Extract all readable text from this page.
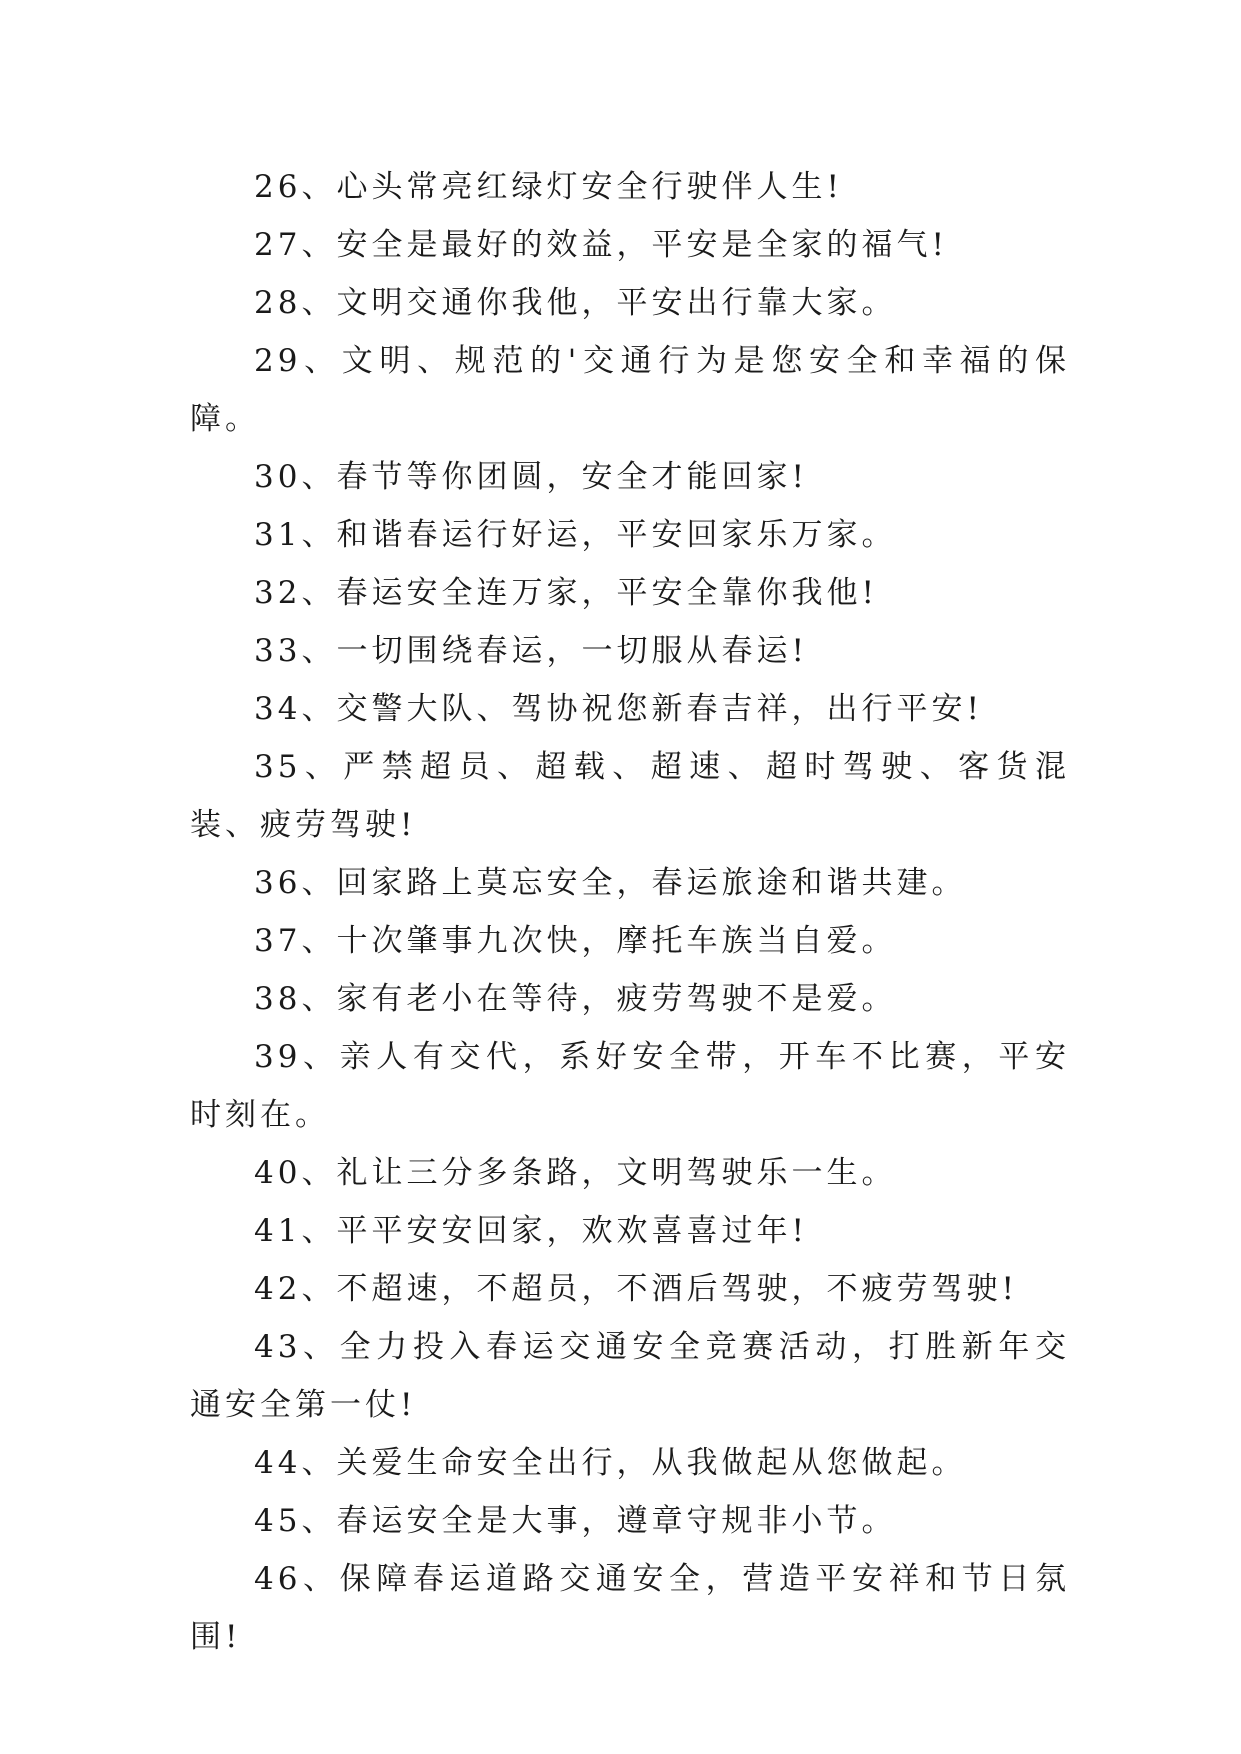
26、心头常亮红绿灯安全行驶伴人生!

27、安全是最好的效益，平安是全家的福气!

28、文明交通你我他，平安出行靠大家。

29、文明、规范的'交通行为是您安全和幸福的保障。

30、春节等你团圆，安全才能回家!

31、和谐春运行好运，平安回家乐万家。

32、春运安全连万家，平安全靠你我他!

33、一切围绕春运，一切服从春运!

34、交警大队、驾协祝您新春吉祥，出行平安!

35、严禁超员、超载、超速、超时驾驶、客货混装、疲劳驾驶!

36、回家路上莫忘安全，春运旅途和谐共建。

37、十次肇事九次快，摩托车族当自爱。

38、家有老小在等待，疲劳驾驶不是爱。

39、亲人有交代，系好安全带，开车不比赛，平安时刻在。

40、礼让三分多条路，文明驾驶乐一生。

41、平平安安回家，欢欢喜喜过年!

42、不超速，不超员，不酒后驾驶，不疲劳驾驶!

43、全力投入春运交通安全竞赛活动，打胜新年交通安全第一仗!

44、关爱生命安全出行，从我做起从您做起。

45、春运安全是大事，遵章守规非小节。

46、保障春运道路交通安全，营造平安祥和节日氛围!
